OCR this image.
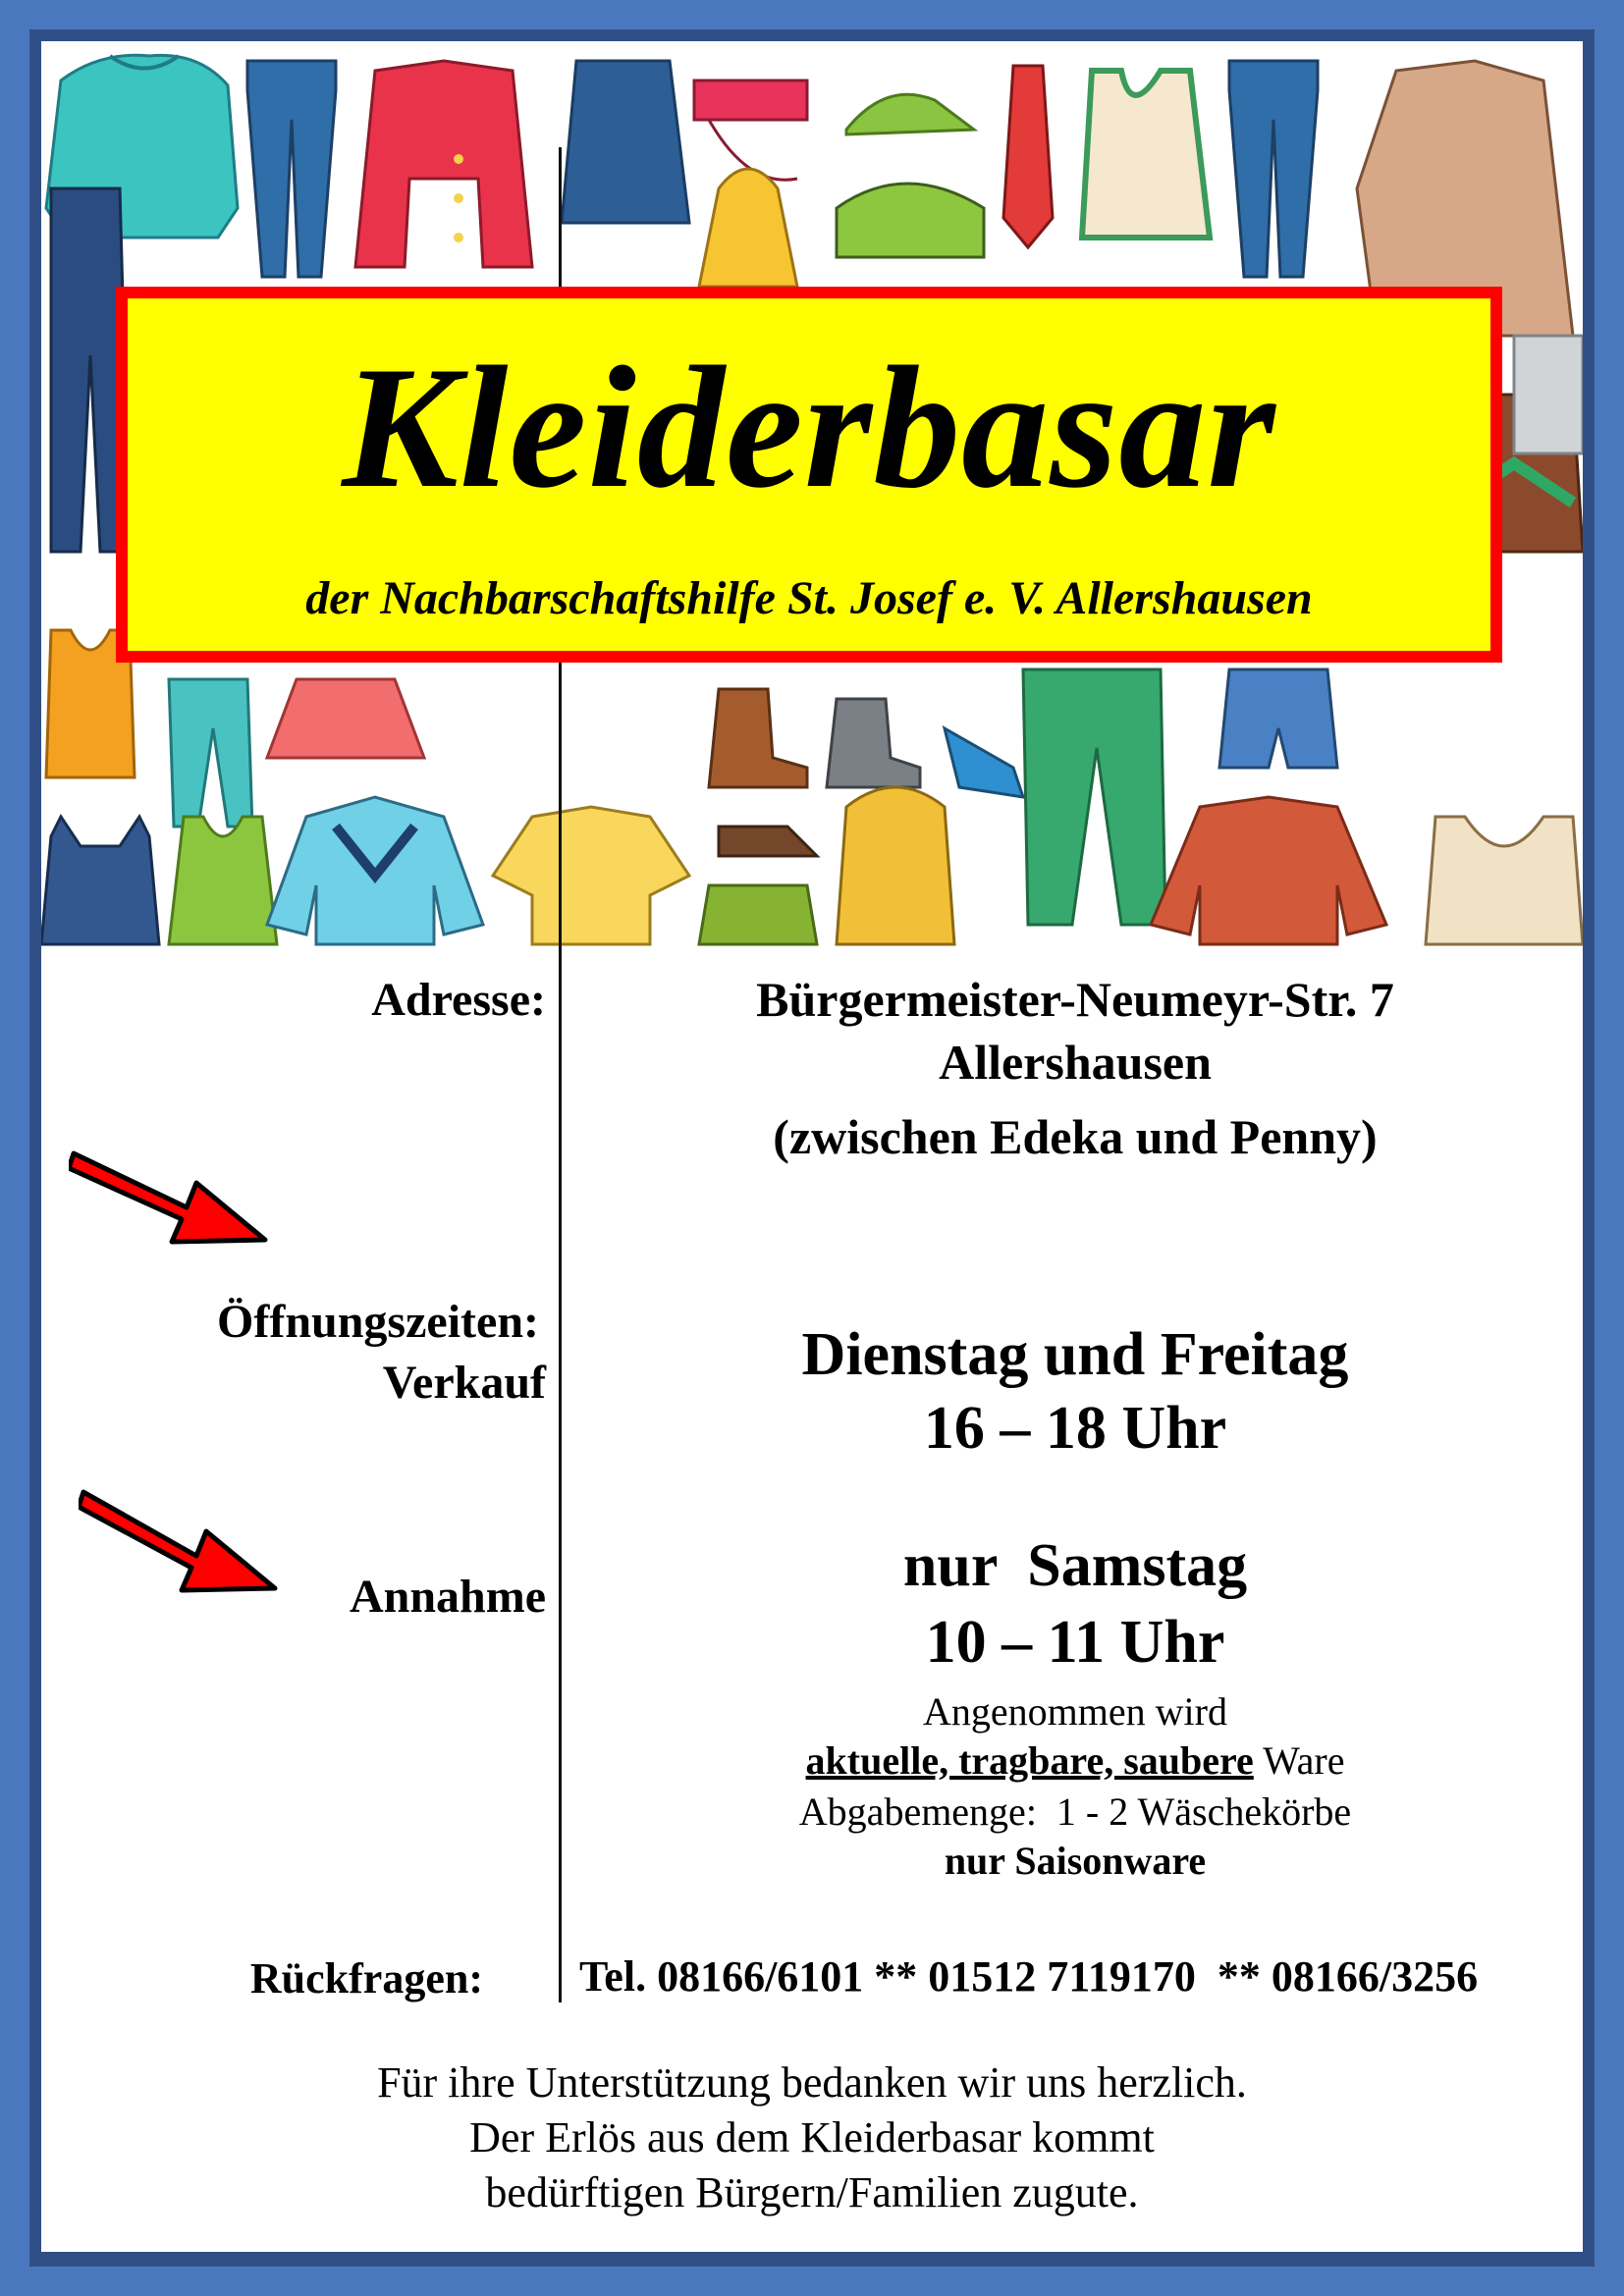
Kleiderbasar
der Nachbarschaftshilfe St. Josef e. V. Allershausen
Adresse:	Bürgermeister-Neumeyr-Str. 7
Allershausen
(zwischen Edeka und Penny)
Öffnungszeiten:
Verkauf	Dienstag und Freitag
16 – 18 Uhr
Annahme	nur  Samstag
10 – 11 Uhr
Angenommen wird
aktuelle, tragbare, saubere Ware
Abgabemenge:  1 - 2 Wäschekörbe
nur Saisonware
Rückfragen: Tel. 08166/6101 ** 01512 7119170  ** 08166/3256
Für ihre Unterstützung bedanken wir uns herzlich.
Der Erlös aus dem Kleiderbasar kommt
bedürftigen Bürgern/Familien zugute.
